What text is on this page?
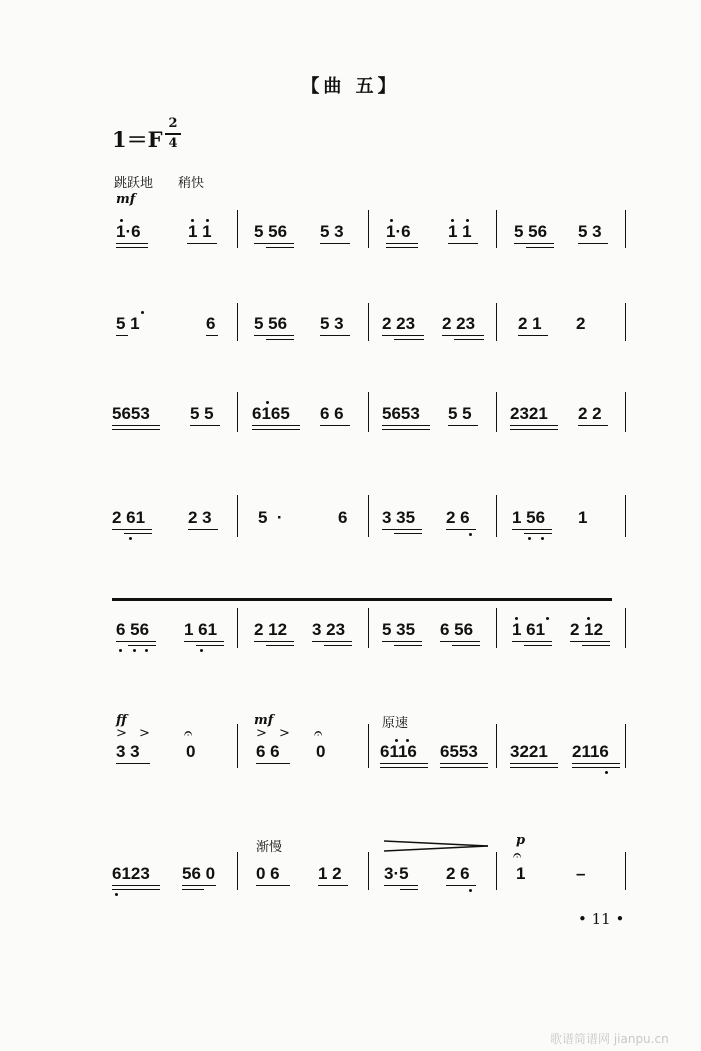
【曲 五】
1＝F
2
4
跳跃地 稍快
mf
1·6	1 1 5 56 5 3 1·6 1 1 5 56 5 3
5 1	6 5 56 5 3 2 23 2 23	2 1 2
5653 5 5 6165 6 6 5653 5 5 2321 2 2
2 61	2 3	5  ·	6 3 35 2 6 1 56 1
6 56 1 61 2 12 3 23 5 35 6 56 1 61 2 12
ff
> > 𝄐
mf
> > 𝄐
原速
3 3	0	6 6 0	6116 6553 3221 2116
渐慢	p
𝄐
6123 56 0 0 6 1 2 3·5 2 6	1	–
• 11 •
歌谱简谱网 jianpu.cn
